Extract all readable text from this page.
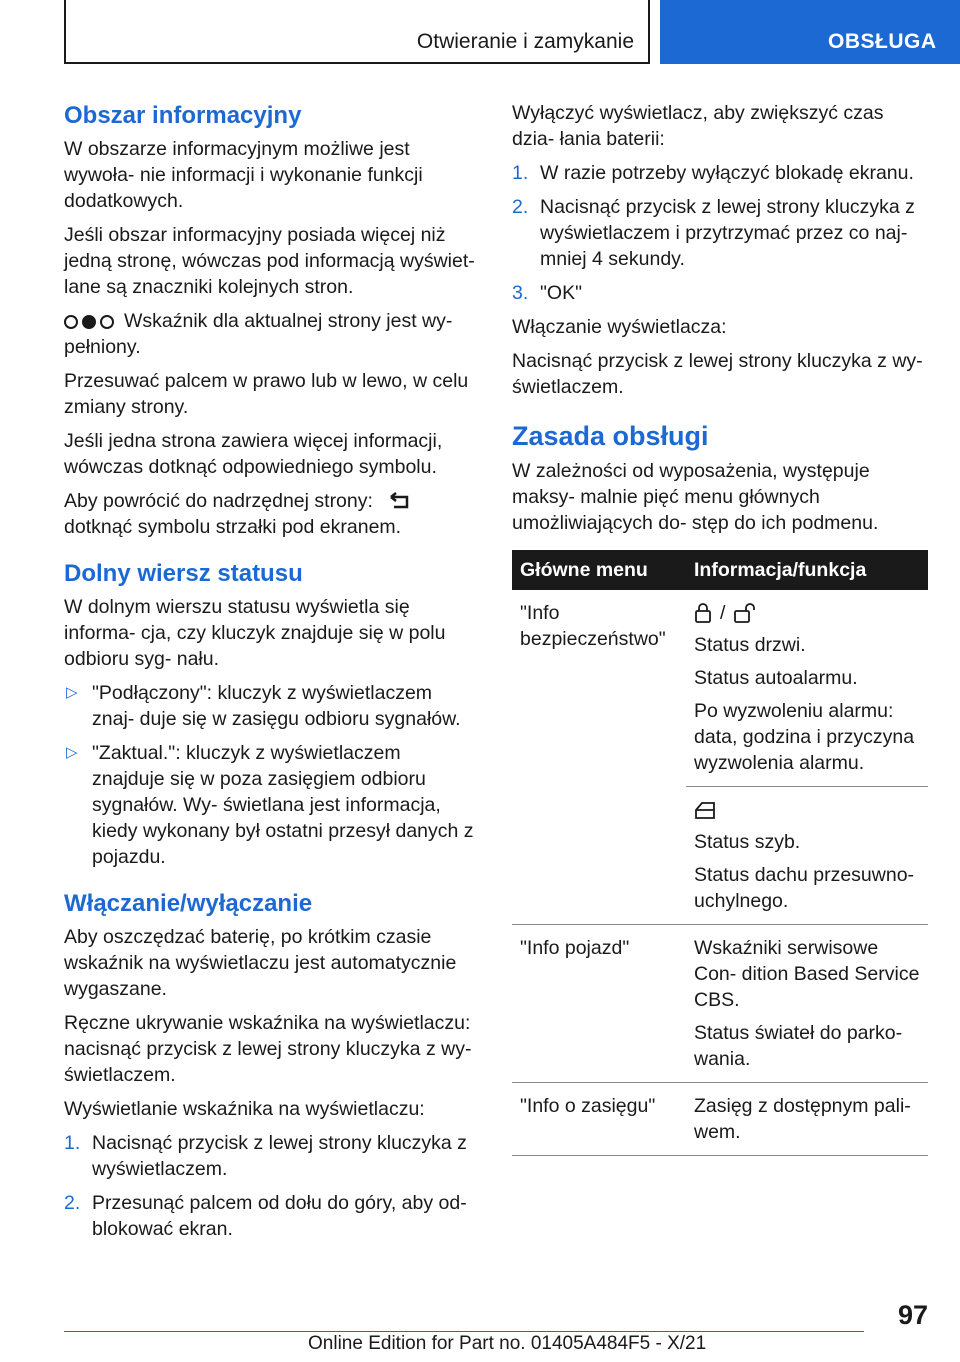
Otwieranie i zamykanie	OBSŁUGA
Obszar informacyjny

W obszarze informacyjnym możliwe jest wywoła- nie informacji i wykonanie funkcji dodatkowych.

Jeśli obszar informacyjny posiada więcej niż jedną stronę, wówczas pod informacją wyświet- lane są znaczniki kolejnych stron.

Wskaźnik dla aktualnej strony jest wy- pełniony.

Przesuwać palcem w prawo lub w lewo, w celu zmiany strony.

Jeśli jedna strona zawiera więcej informacji, wówczas dotknąć odpowiedniego symbolu.

Aby powrócić do nadrzędnej strony:  dotknąć symbolu strzałki pod ekranem.

Dolny wiersz statusu

W dolnym wierszu statusu wyświetla się informa- cja, czy kluczyk znajduje się w polu odbioru syg- nału.

▷ "Podłączony": kluczyk z wyświetlaczem znaj- duje się w zasięgu odbioru sygnałów.
▷ "Zaktual.": kluczyk z wyświetlaczem znajduje się w poza zasięgiem odbioru sygnałów. Wy- świetlana jest informacja, kiedy wykonany był ostatni przesył danych z pojazdu.
Włączanie/wyłączanie

Aby oszczędzać baterię, po krótkim czasie wskaźnik na wyświetlaczu jest automatycznie wygaszane.

Ręczne ukrywanie wskaźnika na wyświetlaczu: nacisnąć przycisk z lewej strony kluczyka z wy- świetlaczem.

Wyświetlanie wskaźnika na wyświetlaczu:

1. Nacisnąć przycisk z lewej strony kluczyka z wyświetlaczem.
2. Przesunąć palcem od dołu do góry, aby od- blokować ekran.

Wyłączyć wyświetlacz, aby zwiększyć czas dzia- łania baterii:

1. W razie potrzeby wyłączyć blokadę ekranu.
2. Nacisnąć przycisk z lewej strony kluczyka z wyświetlaczem i przytrzymać przez co naj- mniej 4 sekundy.
3. "OK"

Włączanie wyświetlacza:

Nacisnąć przycisk z lewej strony kluczyka z wy- świetlaczem.

Zasada obsługi

W zależności od wyposażenia, występuje maksy- malnie pięć menu głównych umożliwiających do- stęp do ich podmenu.

Główne menu	Informacja/funkcja
"Info bezpieczeństwo"	/

Status drzwi.

Status autoalarmu.

Po wyzwoleniu alarmu: data, godzina i przyczyna wyzwolenia alarmu.

	Status szyb.

Status dachu przesuwno- uchylnego.

"Info pojazd"	Wskaźniki serwisowe Con- dition Based Service CBS.

Status świateł do parko- wania.

"Info o zasięgu"	Zasięg z dostępnym pali- wem.

97
Online Edition for Part no. 01405A484F5 - X/21
